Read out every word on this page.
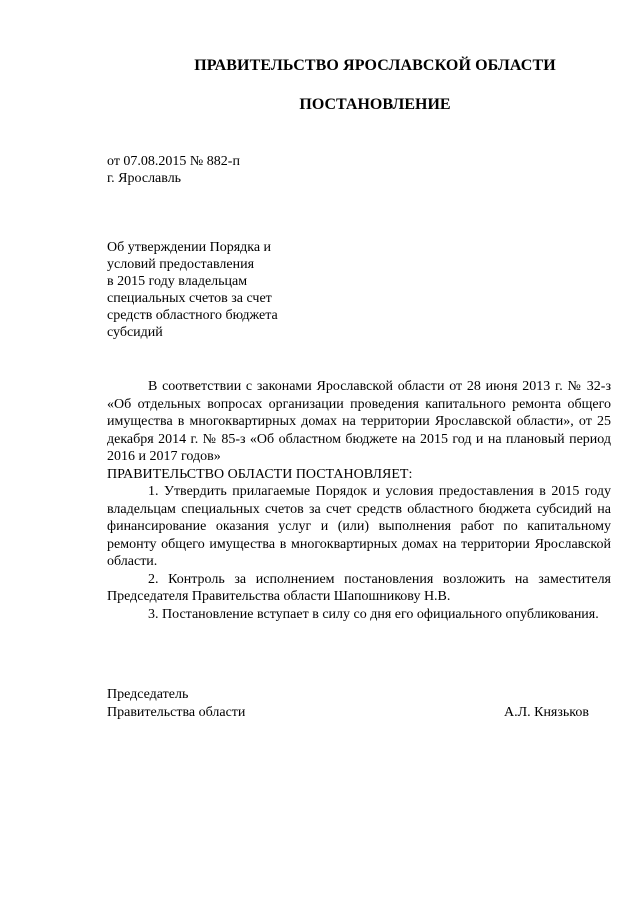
ПРАВИТЕЛЬСТВО ЯРОСЛАВСКОЙ ОБЛАСТИ
ПОСТАНОВЛЕНИЕ
от 07.08.2015 № 882-п
г. Ярославль
Об утверждении Порядка и
условий предоставления
в 2015 году владельцам
специальных счетов за счет
средств областного бюджета
субсидий

В соответствии с законами Ярославской области от 28 июня 2013 г. № 32-з «Об отдельных вопросах организации проведения капитального ремонта общего имущества в многоквартирных домах на территории Ярославской области», от 25 декабря 2014 г. № 85-з «Об областном бюджете на 2015 год и на плановый период 2016 и 2017 годов»

ПРАВИТЕЛЬСТВО ОБЛАСТИ ПОСТАНОВЛЯЕТ:

1. Утвердить прилагаемые Порядок и условия предоставления в 2015 году владельцам специальных счетов за счет средств областного бюджета субсидий на финансирование оказания услуг и (или) выполнения работ по капитальному ремонту общего имущества в многоквартирных домах на территории Ярославской области.

2. Контроль за исполнением постановления возложить на заместителя Председателя Правительства области Шапошникову Н.В.

3. Постановление вступает в силу со дня его официального опубликования.

Председатель
Правительства области	А.Л. Князьков
